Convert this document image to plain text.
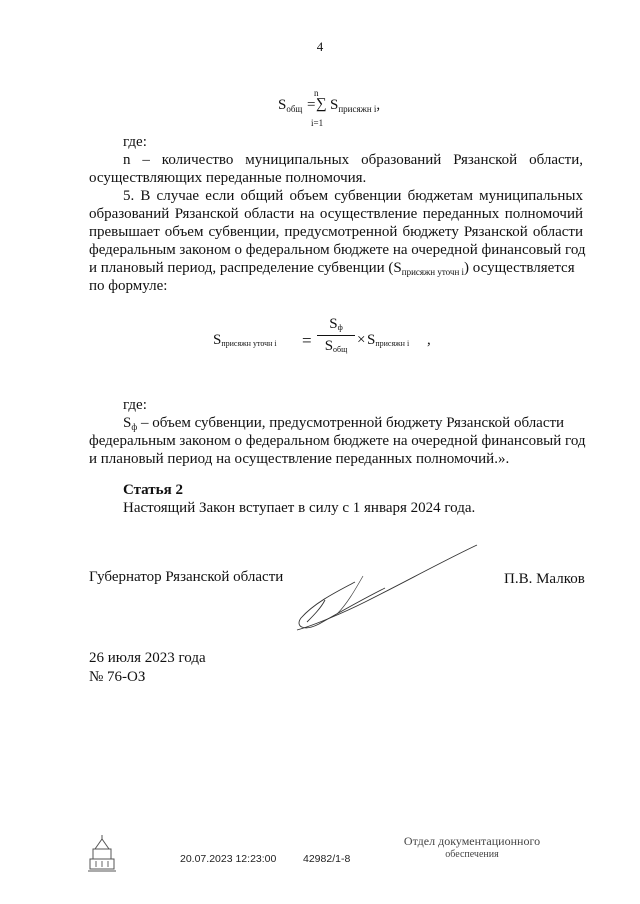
4
n
$S_{общ}$ = ∑ $S_{присяжн i}$,
i=1
где:
n – количество муниципальных образований Рязанской области,
осуществляющих переданные полномочия.
5. В случае если общий объем субвенции бюджетам муниципальных
образований Рязанской области на осуществление переданных полномочий
превышает объем субвенции, предусмотренной бюджету Рязанской области
федеральным законом о федеральном бюджете на очередной финансовый год
и плановый период, распределение субвенции $(S_{присяжн уточн i})$ осуществляется
по формуле:
Sприсяжн уточн i =
Sф
Sобщ
× Sприсяжн i ,
где:
$S_ф$ – объем субвенции, предусмотренной бюджету Рязанской области
федеральным законом о федеральном бюджете на очередной финансовый год
и плановый период на осуществление переданных полномочий.».
Статья 2
Настоящий Закон вступает в силу с 1 января 2024 года.
Губернатор Рязанской области	П.В. Малков
26 июля 2023 года
№ 76-ОЗ
20.07.2023 12:23:00	42982/1-8
Отдел документационного
обеспечения
